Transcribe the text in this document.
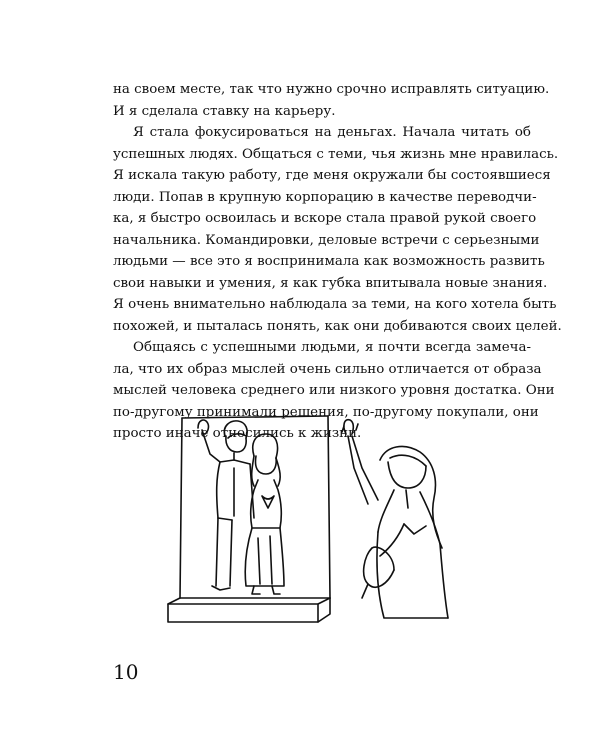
на своем месте, так что нужно срочно исправлять ситуацию.
И я сделала ставку на карьеру.

Я стала фокусироваться на деньгах. Начала читать об
успешных людях. Общаться с теми, чья жизнь мне нравилась.
Я искала такую работу, где меня окружали бы состоявшиеся
люди. Попав в крупную корпорацию в качестве переводчи-
ка, я быстро освоилась и вскоре стала правой рукой своего
начальника. Командировки, деловые встречи с серьезными
людьми — все это я воспринимала как возможность развить
свои навыки и умения, я как губка впитывала новые знания.
Я очень внимательно наблюдала за теми, на кого хотела быть
похожей, и пыталась понять, как они добиваются своих целей.

Общаясь с успешными людьми, я почти всегда замеча-
ла, что их образ мыслей очень сильно отличается от образа
мыслей человека среднего или низкого уровня достатка. Они
по-другому принимали решения, по-другому покупали, они
просто иначе относились к жизни.

10
